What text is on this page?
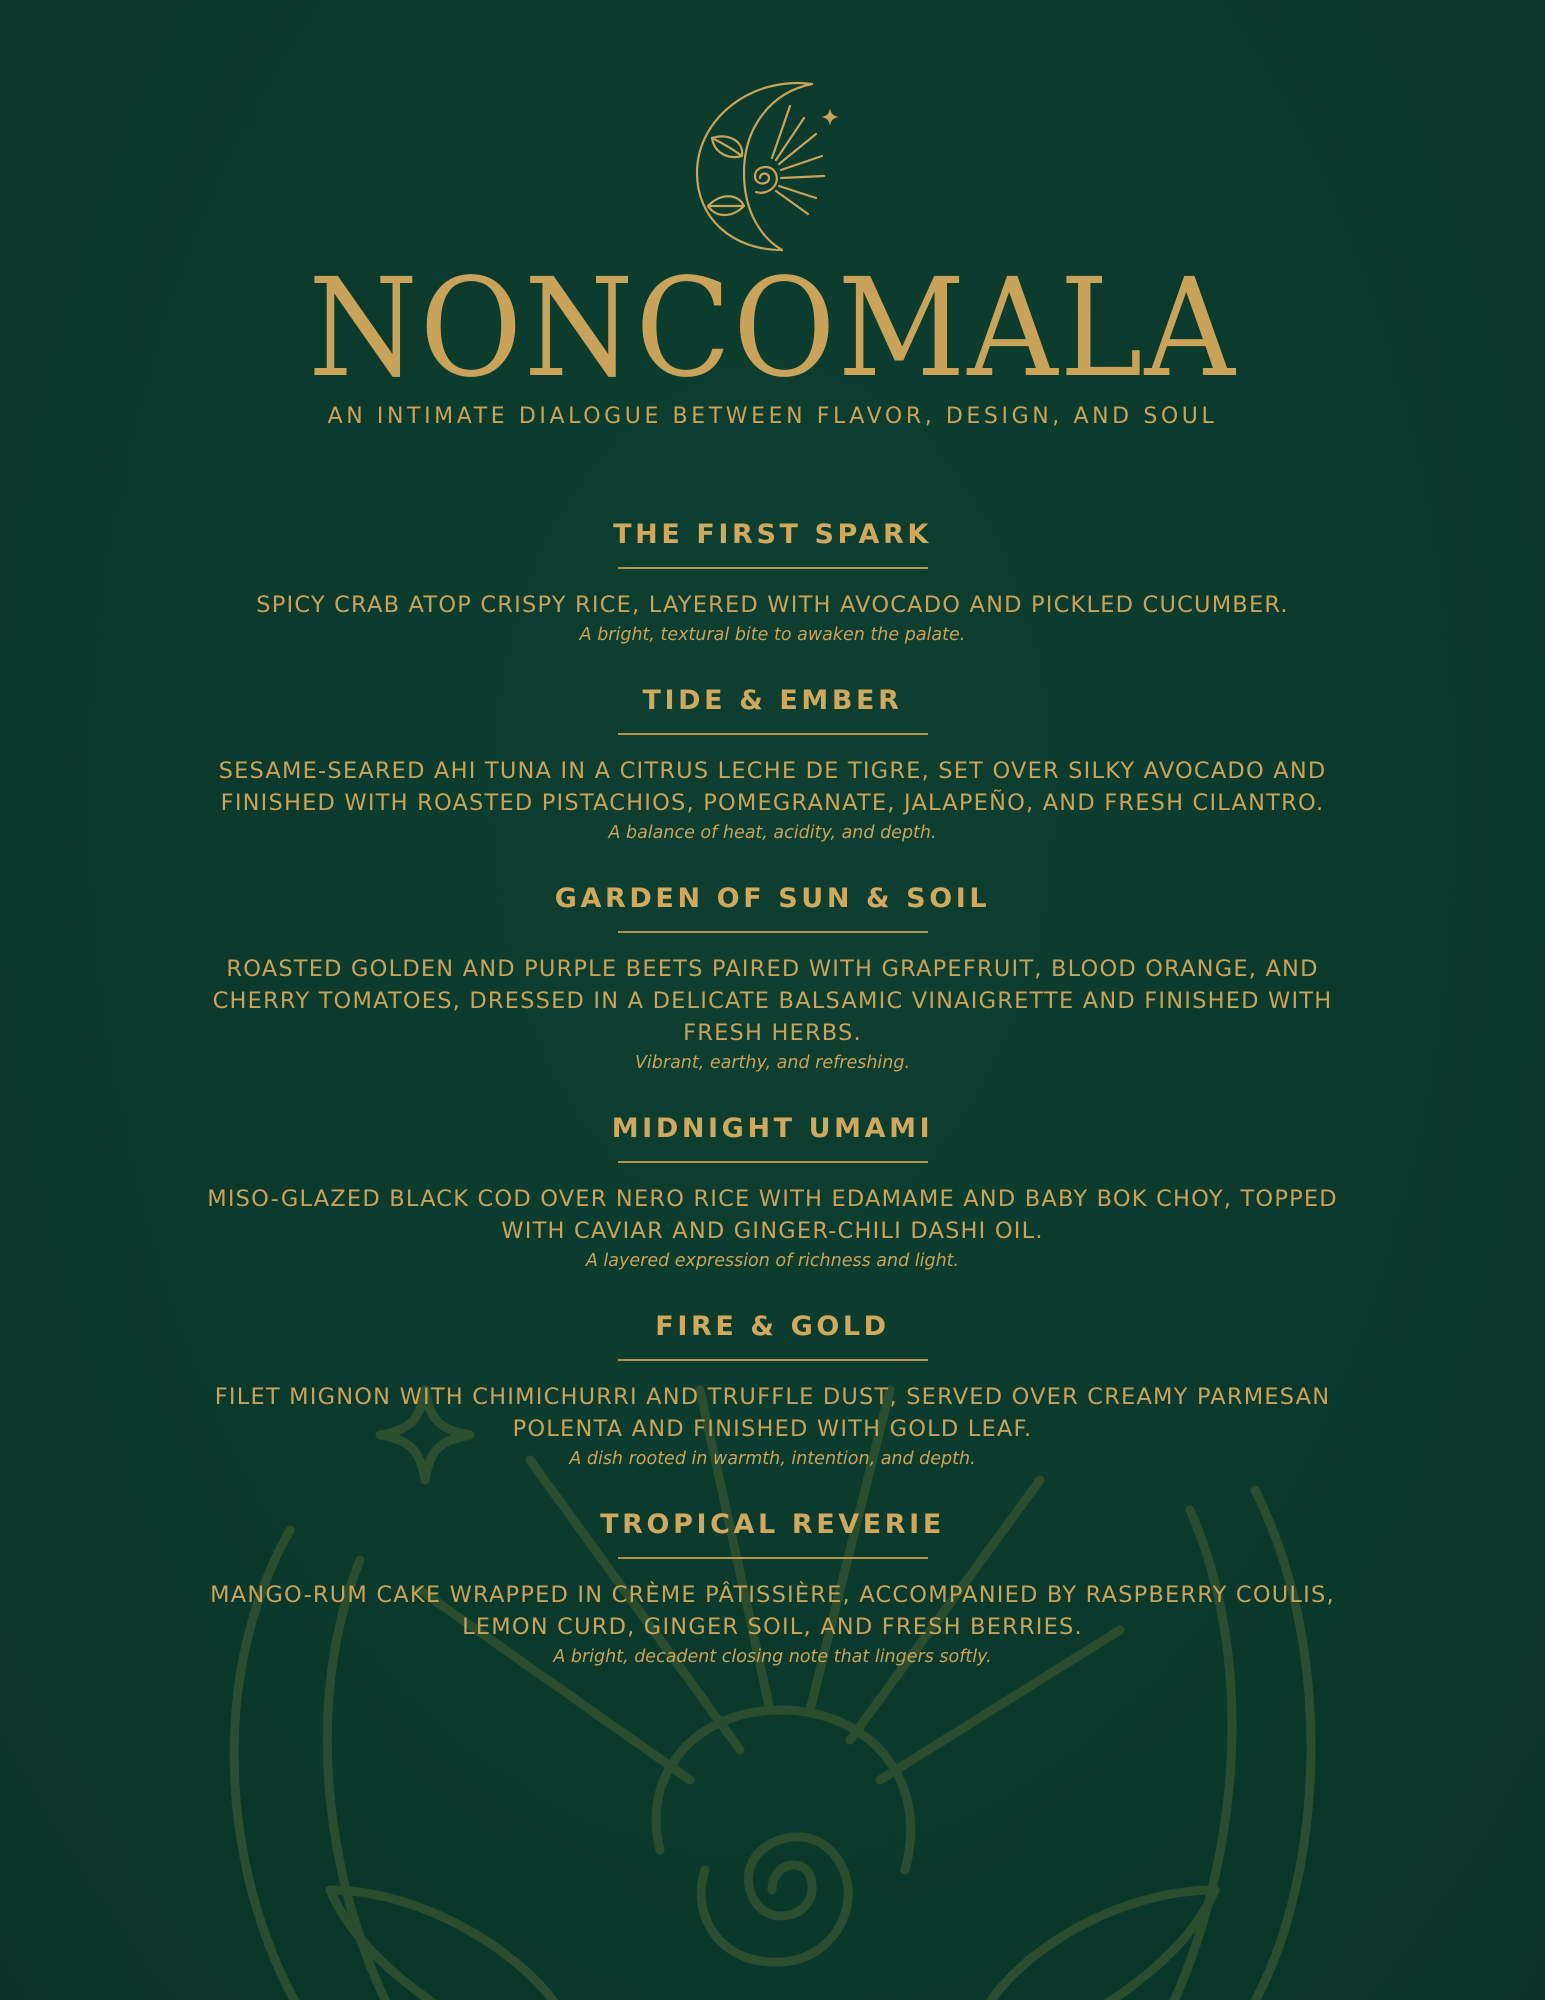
NONCOMALA
AN INTIMATE DIALOGUE BETWEEN FLAVOR, DESIGN, AND SOUL
THE FIRST SPARK

SPICY CRAB ATOP CRISPY RICE, LAYERED WITH AVOCADO AND PICKLED CUCUMBER.

A bright, textural bite to awaken the palate.

TIDE & EMBER

SESAME-SEARED AHI TUNA IN A CITRUS LECHE DE TIGRE, SET OVER SILKY AVOCADO AND FINISHED WITH ROASTED PISTACHIOS, POMEGRANATE, JALAPEÑO, AND FRESH CILANTRO.

A balance of heat, acidity, and depth.

GARDEN OF SUN & SOIL

ROASTED GOLDEN AND PURPLE BEETS PAIRED WITH GRAPEFRUIT, BLOOD ORANGE, AND CHERRY TOMATOES, DRESSED IN A DELICATE BALSAMIC VINAIGRETTE AND FINISHED WITH FRESH HERBS.

Vibrant, earthy, and refreshing.

MIDNIGHT UMAMI

MISO-GLAZED BLACK COD OVER NERO RICE WITH EDAMAME AND BABY BOK CHOY, TOPPED WITH CAVIAR AND GINGER-CHILI DASHI OIL.

A layered expression of richness and light.

FIRE & GOLD

FILET MIGNON WITH CHIMICHURRI AND TRUFFLE DUST, SERVED OVER CREAMY PARMESAN POLENTA AND FINISHED WITH GOLD LEAF.

A dish rooted in warmth, intention, and depth.

TROPICAL REVERIE

MANGO-RUM CAKE WRAPPED IN CRÈME PÂTISSIÈRE, ACCOMPANIED BY RASPBERRY COULIS, LEMON CURD, GINGER SOIL, AND FRESH BERRIES.

A bright, decadent closing note that lingers softly.
